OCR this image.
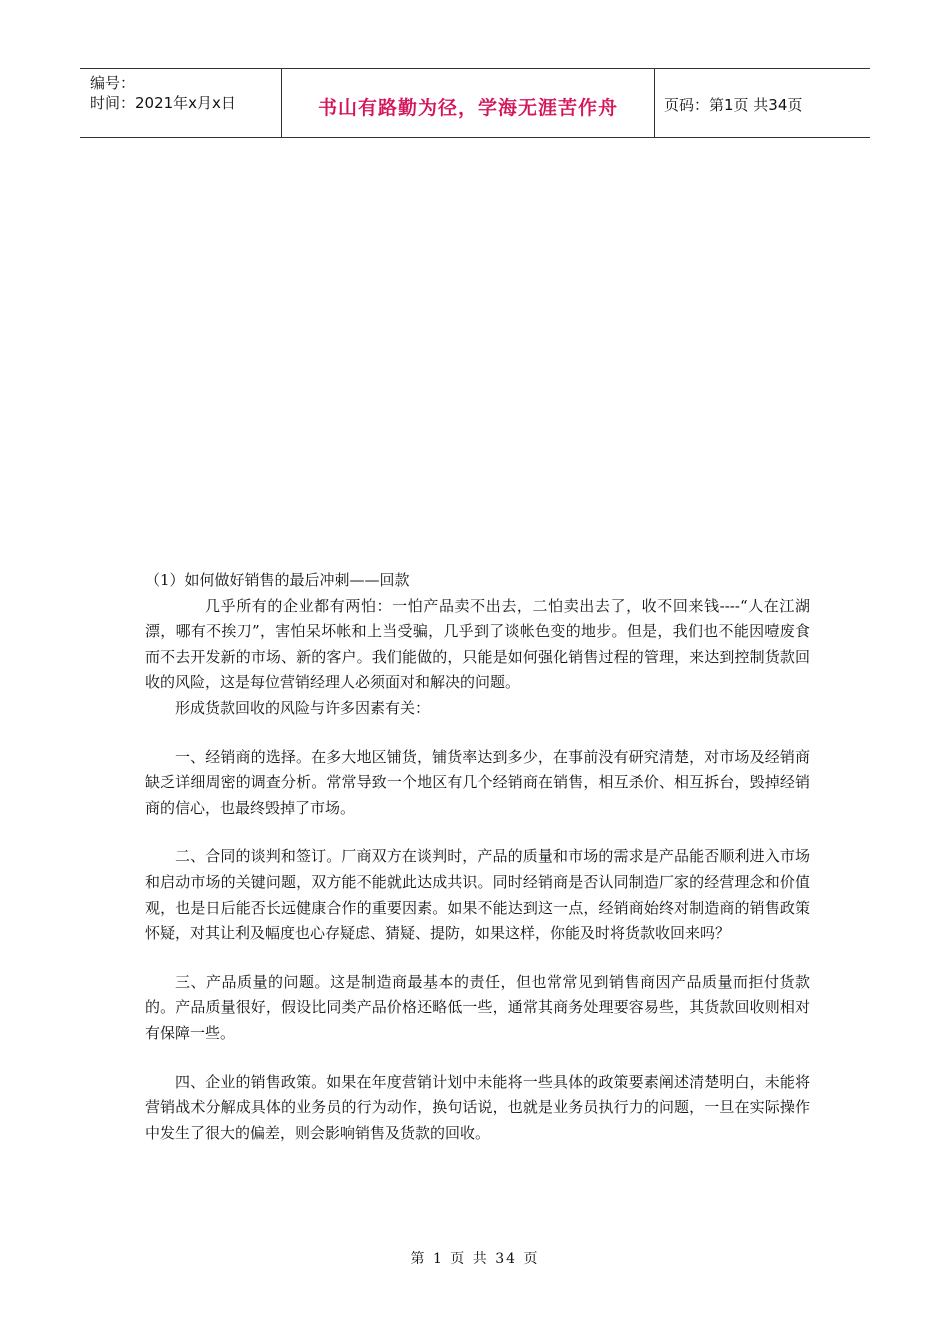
编号：
时间：2021年x月x日	书山有路勤为径，学海无涯苦作舟	页码：第1页 共34页

（1）如何做好销售的最后冲刺——回款

几乎所有的企业都有两怕：一怕产品卖不出去，二怕卖出去了，收不回来钱----“人在江湖漂，哪有不挨刀”，害怕呆坏帐和上当受骗，几乎到了谈帐色变的地步。但是，我们也不能因噎废食而不去开发新的市场、新的客户。我们能做的，只能是如何强化销售过程的管理，来达到控制货款回收的风险，这是每位营销经理人必须面对和解决的问题。

形成货款回收的风险与许多因素有关：

一、经销商的选择。在多大地区铺货，铺货率达到多少，在事前没有研究清楚，对市场及经销商缺乏详细周密的调查分析。常常导致一个地区有几个经销商在销售，相互杀价、相互拆台，毁掉经销商的信心，也最终毁掉了市场。

二、合同的谈判和签订。厂商双方在谈判时，产品的质量和市场的需求是产品能否顺利进入市场和启动市场的关键问题，双方能不能就此达成共识。同时经销商是否认同制造厂家的经营理念和价值观，也是日后能否长远健康合作的重要因素。如果不能达到这一点，经销商始终对制造商的销售政策怀疑，对其让利及幅度也心存疑虑、猜疑、提防，如果这样，你能及时将货款收回来吗？

三、产品质量的问题。这是制造商最基本的责任，但也常常见到销售商因产品质量而拒付货款的。产品质量很好，假设比同类产品价格还略低一些，通常其商务处理要容易些，其货款回收则相对有保障一些。

四、企业的销售政策。如果在年度营销计划中未能将一些具体的政策要素阐述清楚明白，未能将营销战术分解成具体的业务员的行为动作，换句话说，也就是业务员执行力的问题，一旦在实际操作中发生了很大的偏差，则会影响销售及货款的回收。

第 1 页 共 34 页
